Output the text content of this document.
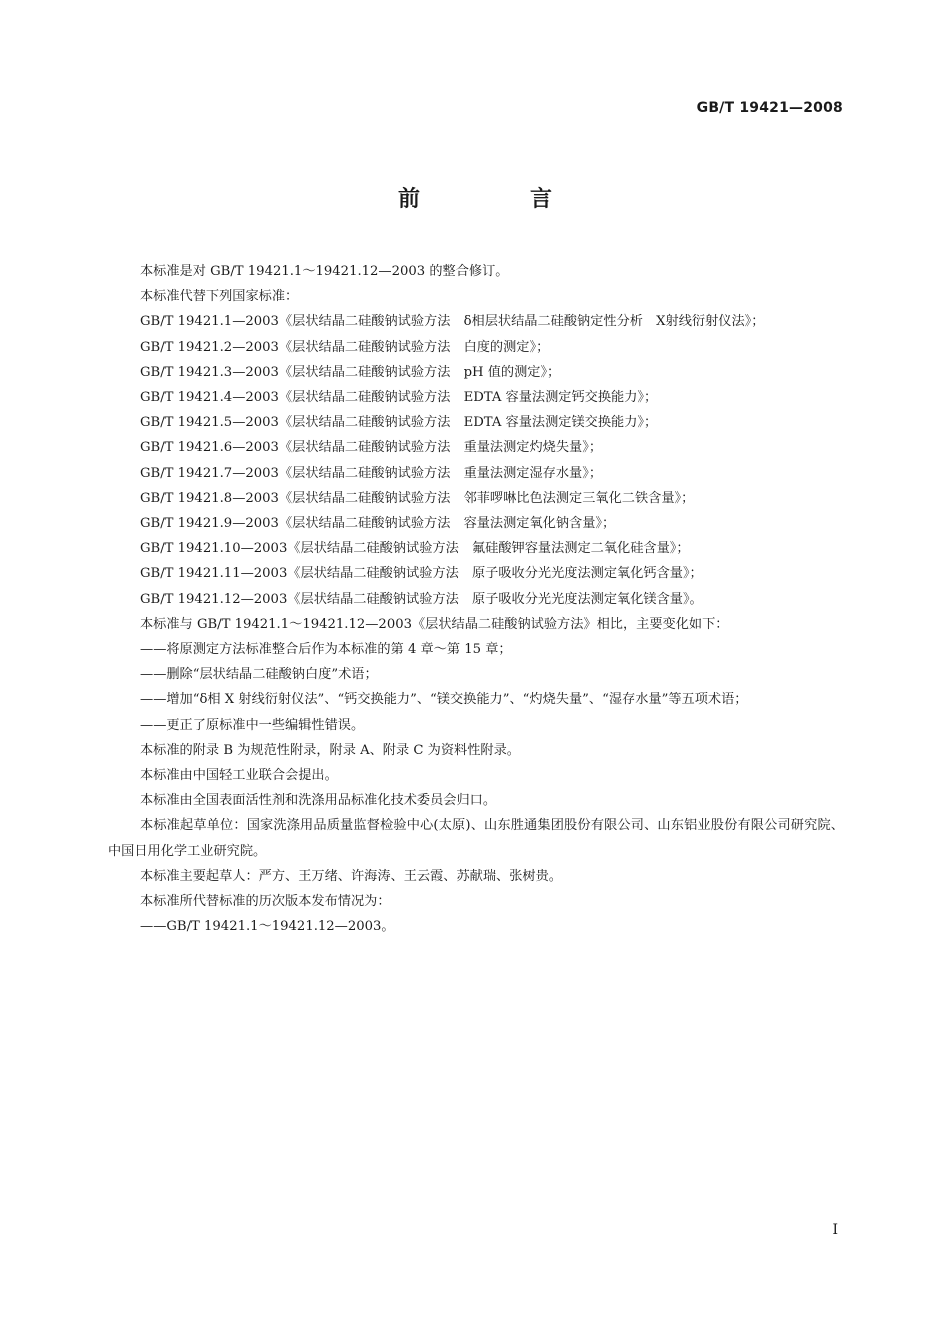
GB/T 19421—2008
前　言
本标准是对 GB/T 19421.1～19421.12—2003 的整合修订。
本标准代替下列国家标准：
GB/T 19421.1—2003《层状结晶二硅酸钠试验方法　δ相层状结晶二硅酸钠定性分析　X射线衍射仪法》；
GB/T 19421.2—2003《层状结晶二硅酸钠试验方法　白度的测定》；
GB/T 19421.3—2003《层状结晶二硅酸钠试验方法　pH 值的测定》；
GB/T 19421.4—2003《层状结晶二硅酸钠试验方法　EDTA 容量法测定钙交换能力》；
GB/T 19421.5—2003《层状结晶二硅酸钠试验方法　EDTA 容量法测定镁交换能力》；
GB/T 19421.6—2003《层状结晶二硅酸钠试验方法　重量法测定灼烧失量》；
GB/T 19421.7—2003《层状结晶二硅酸钠试验方法　重量法测定湿存水量》；
GB/T 19421.8—2003《层状结晶二硅酸钠试验方法　邻菲啰啉比色法测定三氧化二铁含量》；
GB/T 19421.9—2003《层状结晶二硅酸钠试验方法　容量法测定氧化钠含量》；
GB/T 19421.10—2003《层状结晶二硅酸钠试验方法　氟硅酸钾容量法测定二氧化硅含量》；
GB/T 19421.11—2003《层状结晶二硅酸钠试验方法　原子吸收分光光度法测定氧化钙含量》；
GB/T 19421.12—2003《层状结晶二硅酸钠试验方法　原子吸收分光光度法测定氧化镁含量》。
本标准与 GB/T 19421.1～19421.12—2003《层状结晶二硅酸钠试验方法》相比，主要变化如下：
——将原测定方法标准整合后作为本标准的第 4 章～第 15 章；
——删除“层状结晶二硅酸钠白度”术语；
——增加“δ相 X 射线衍射仪法”、“钙交换能力”、“镁交换能力”、“灼烧失量”、“湿存水量”等五项术语；
——更正了原标准中一些编辑性错误。
本标准的附录 B 为规范性附录，附录 A、附录 C 为资料性附录。
本标准由中国轻工业联合会提出。
本标准由全国表面活性剂和洗涤用品标准化技术委员会归口。
本标准起草单位：国家洗涤用品质量监督检验中心(太原)、山东胜通集团股份有限公司、山东铝业股份有限公司研究院、中国日用化学工业研究院。
本标准主要起草人：严方、王万绪、许海涛、王云霞、苏献瑞、张树贵。
本标准所代替标准的历次版本发布情况为：
——GB/T 19421.1～19421.12—2003。
I
